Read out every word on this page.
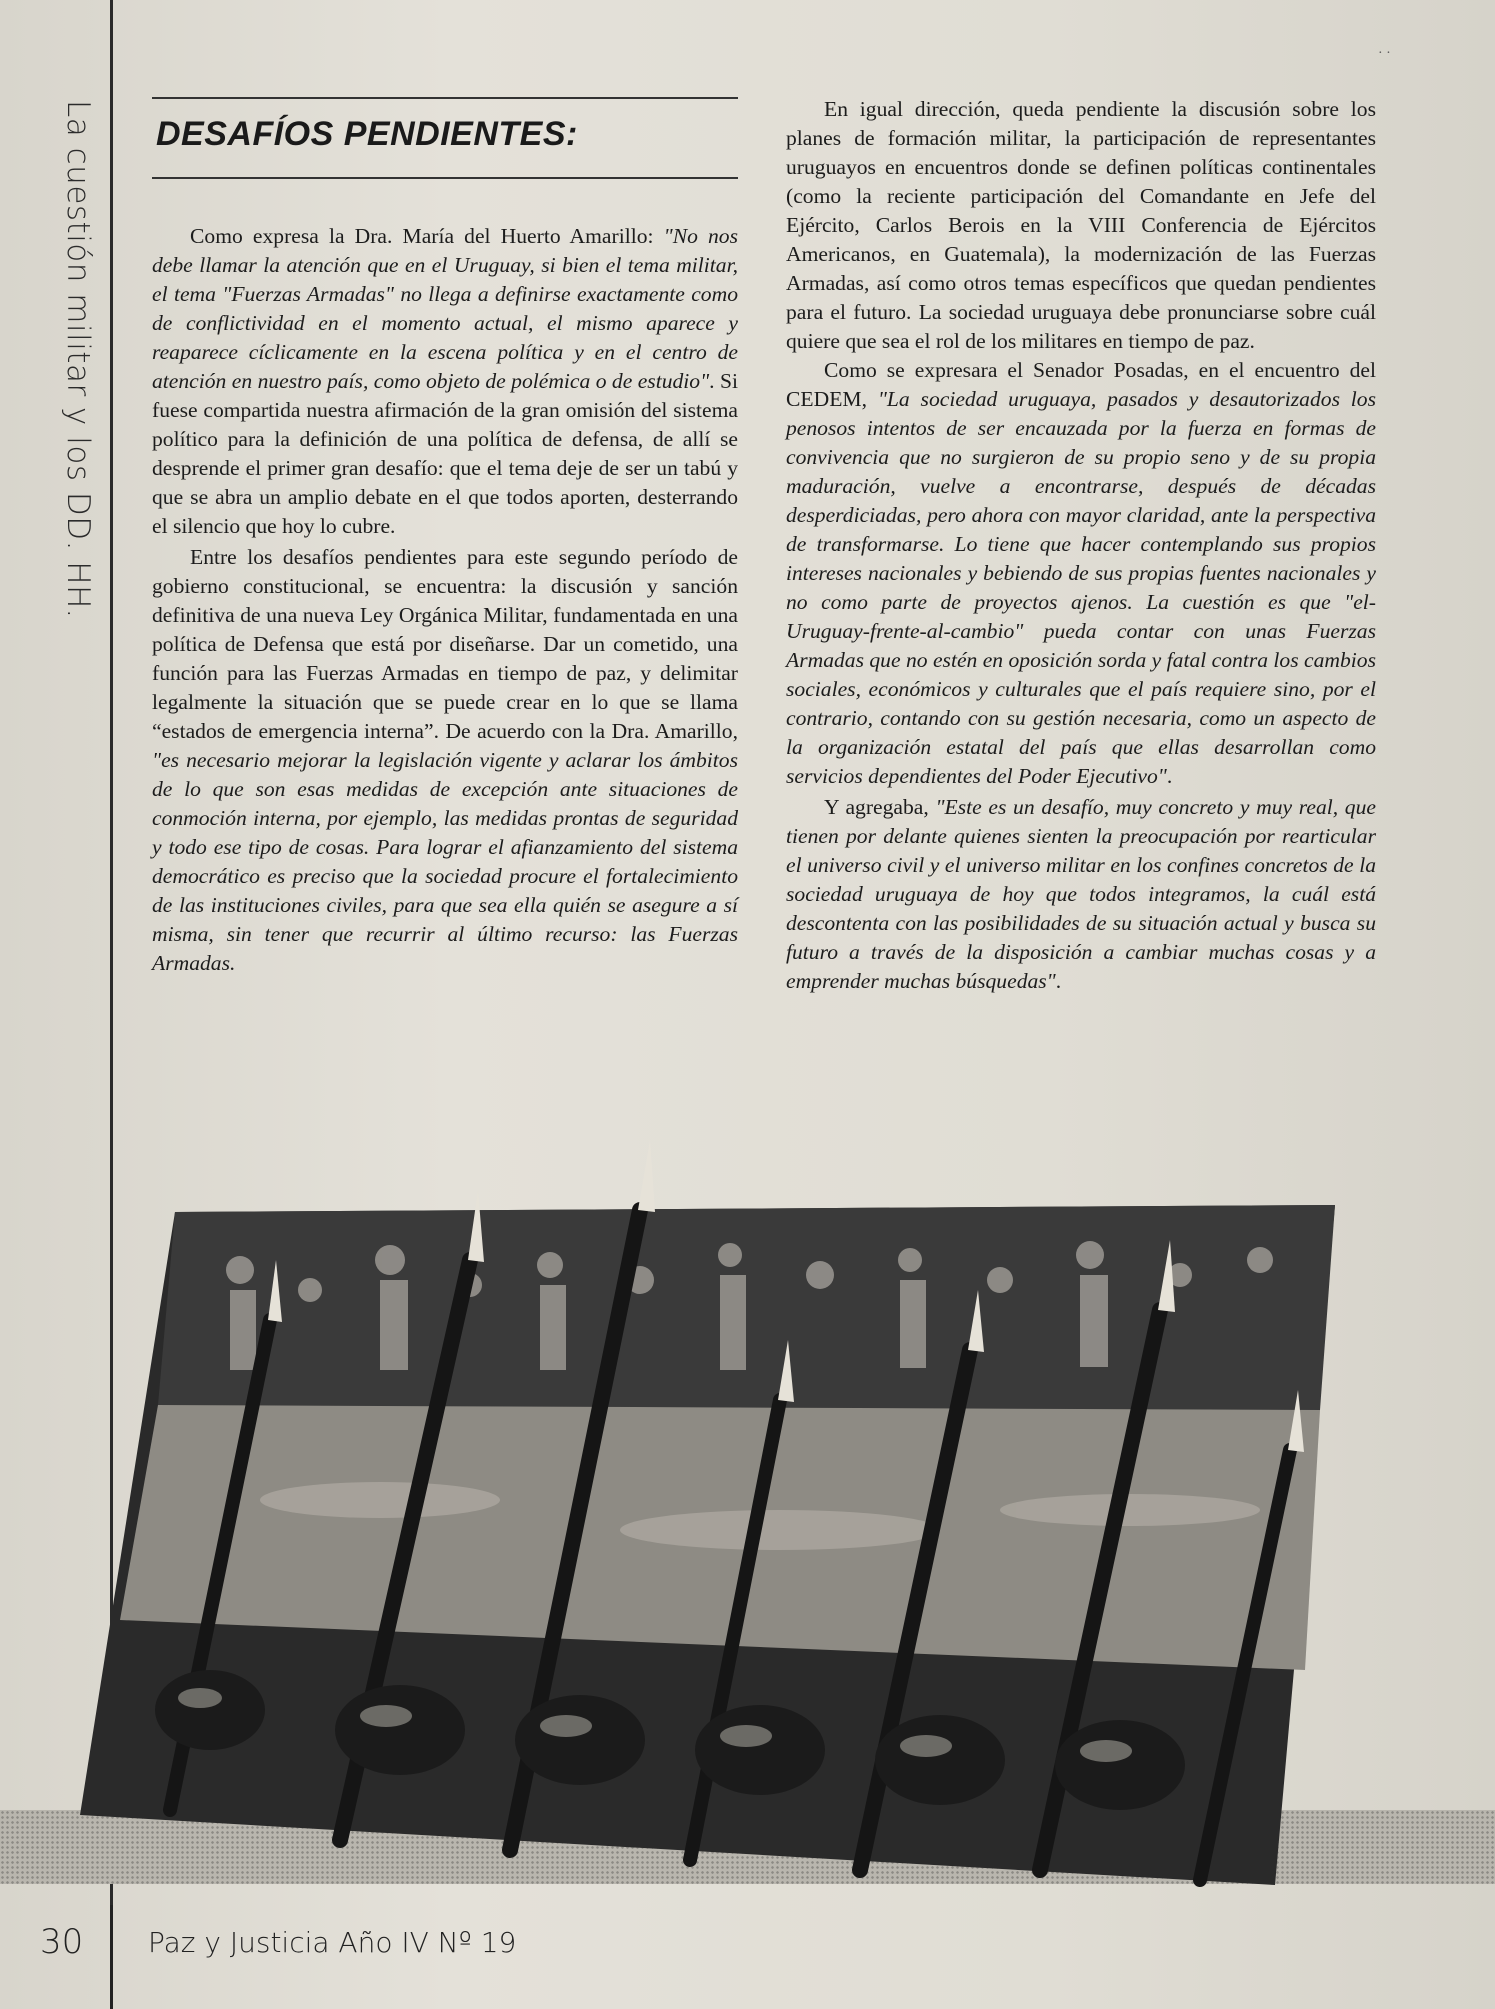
· ·
La cuestión militar y los DD. HH. DESAFÍOS PENDIENTES:

Como expresa la Dra. María del Huerto Amarillo: "No nos debe llamar la atención que en el Uruguay, si bien el tema militar, el tema "Fuerzas Armadas" no llega a definirse exactamente como de conflictividad en el momento actual, el mismo aparece y reaparece cíclicamente en la escena política y en el centro de atención en nuestro país, como objeto de polémica o de estudio". Si fuese compartida nuestra afirmación de la gran omisión del sistema político para la definición de una política de defensa, de allí se desprende el primer gran desafío: que el tema deje de ser un tabú y que se abra un amplio debate en el que todos aporten, desterrando el silencio que hoy lo cubre.

Entre los desafíos pendientes para este segundo período de gobierno constitucional, se encuentra: la discusión y sanción definitiva de una nueva Ley Orgánica Militar, fundamentada en una política de Defensa que está por diseñarse. Dar un cometido, una función para las Fuerzas Armadas en tiempo de paz, y delimitar legalmente la situación que se puede crear en lo que se llama “estados de emergencia interna”. De acuerdo con la Dra. Amarillo, "es necesario mejorar la legislación vigente y aclarar los ámbitos de lo que son esas medidas de excepción ante situaciones de conmoción interna, por ejemplo, las medidas prontas de seguridad y todo ese tipo de cosas. Para lograr el afianzamiento del sistema democrático es preciso que la sociedad procure el fortalecimiento de las instituciones civiles, para que sea ella quién se asegure a sí misma, sin tener que recurrir al último recurso: las Fuerzas Armadas.

En igual dirección, queda pendiente la discusión sobre los planes de formación militar, la participación de representantes uruguayos en encuentros donde se definen políticas continentales (como la reciente participación del Comandante en Jefe del Ejército, Carlos Berois en la VIII Conferencia de Ejércitos Americanos, en Guatemala), la modernización de las Fuerzas Armadas, así como otros temas específicos que quedan pendientes para el futuro. La sociedad uruguaya debe pronunciarse sobre cuál quiere que sea el rol de los militares en tiempo de paz.

Como se expresara el Senador Posadas, en el encuentro del CEDEM, "La sociedad uruguaya, pasados y desautorizados los penosos intentos de ser encauzada por la fuerza en formas de convivencia que no surgieron de su propio seno y de su propia maduración, vuelve a encontrarse, después de décadas desperdiciadas, pero ahora con mayor claridad, ante la perspectiva de transformarse. Lo tiene que hacer contemplando sus propios intereses nacionales y bebiendo de sus propias fuentes nacionales y no como parte de proyectos ajenos. La cuestión es que "el-Uruguay-frente-al-cambio" pueda contar con unas Fuerzas Armadas que no estén en oposición sorda y fatal contra los cambios sociales, económicos y culturales que el país requiere sino, por el contrario, contando con su gestión necesaria, como un aspecto de la organización estatal del país que ellas desarrollan como servicios dependientes del Poder Ejecutivo".

Y agregaba, "Este es un desafío, muy concreto y muy real, que tienen por delante quienes sienten la preocupación por rearticular el universo civil y el universo militar en los confines concretos de la sociedad uruguaya de hoy que todos integramos, la cuál está descontenta con las posibilidades de su situación actual y busca su futuro a través de la disposición a cambiar muchas cosas y a emprender muchas búsquedas".

30 Paz y Justicia Año IV Nº 19
